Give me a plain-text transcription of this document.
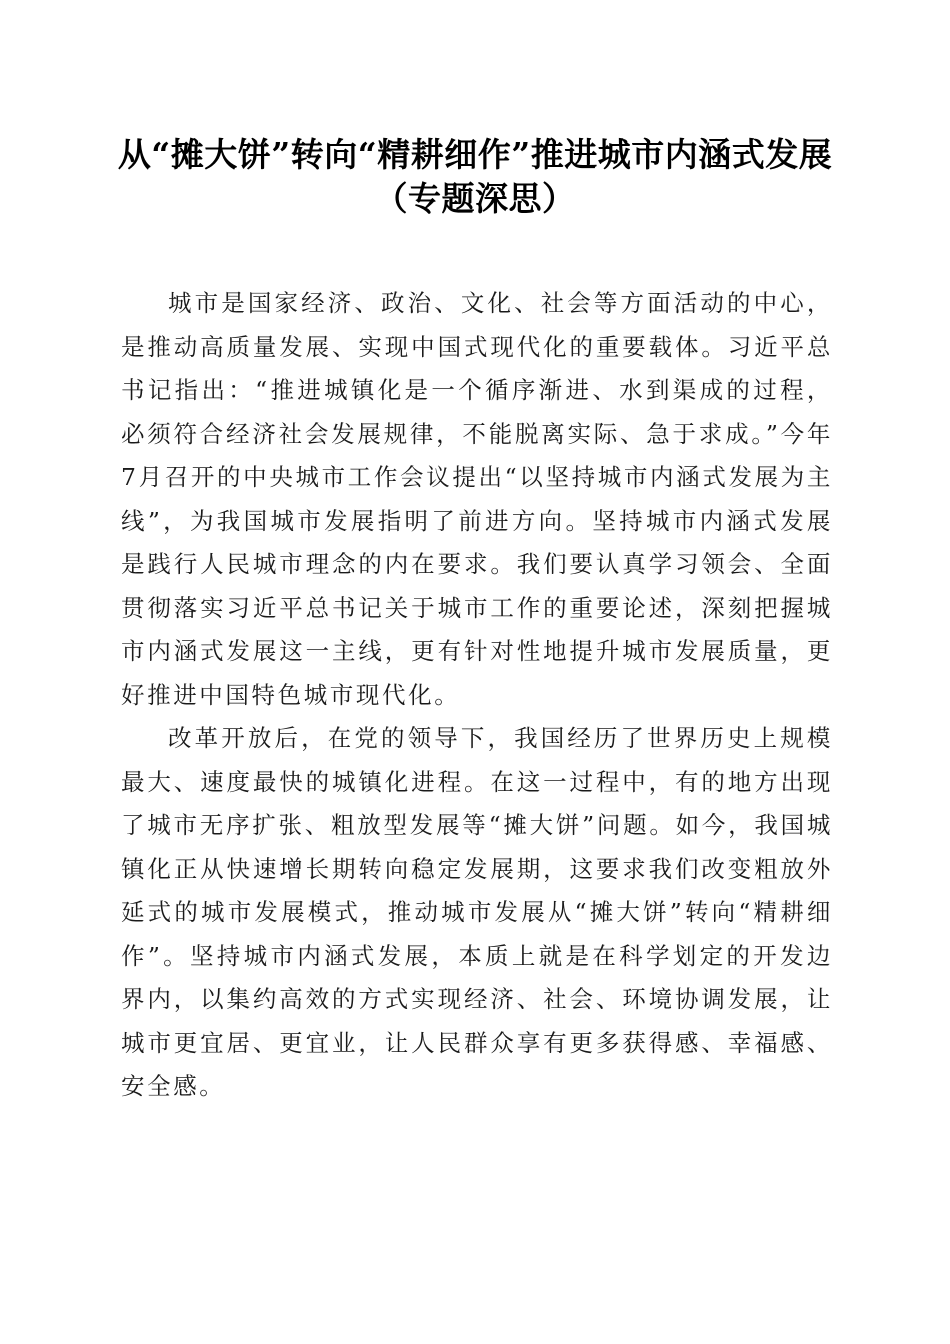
从“摊大饼”转向“精耕细作”推进城市内涵式发展（专题深思）

城市是国家经济、政治、文化、社会等方面活动的中心，是推动高质量发展、实现中国式现代化的重要载体。习近平总书记指出：“推进城镇化是一个循序渐进、水到渠成的过程，必须符合经济社会发展规律，不能脱离实际、急于求成。”今年7月召开的中央城市工作会议提出“以坚持城市内涵式发展为主线”，为我国城市发展指明了前进方向。坚持城市内涵式发展是践行人民城市理念的内在要求。我们要认真学习领会、全面贯彻落实习近平总书记关于城市工作的重要论述，深刻把握城市内涵式发展这一主线，更有针对性地提升城市发展质量，更好推进中国特色城市现代化。

改革开放后，在党的领导下，我国经历了世界历史上规模最大、速度最快的城镇化进程。在这一过程中，有的地方出现了城市无序扩张、粗放型发展等“摊大饼”问题。如今，我国城镇化正从快速增长期转向稳定发展期，这要求我们改变粗放外延式的城市发展模式，推动城市发展从“摊大饼”转向“精耕细作”。坚持城市内涵式发展，本质上就是在科学划定的开发边界内，以集约高效的方式实现经济、社会、环境协调发展，让城市更宜居、更宜业，让人民群众享有更多获得感、幸福感、安全感。
